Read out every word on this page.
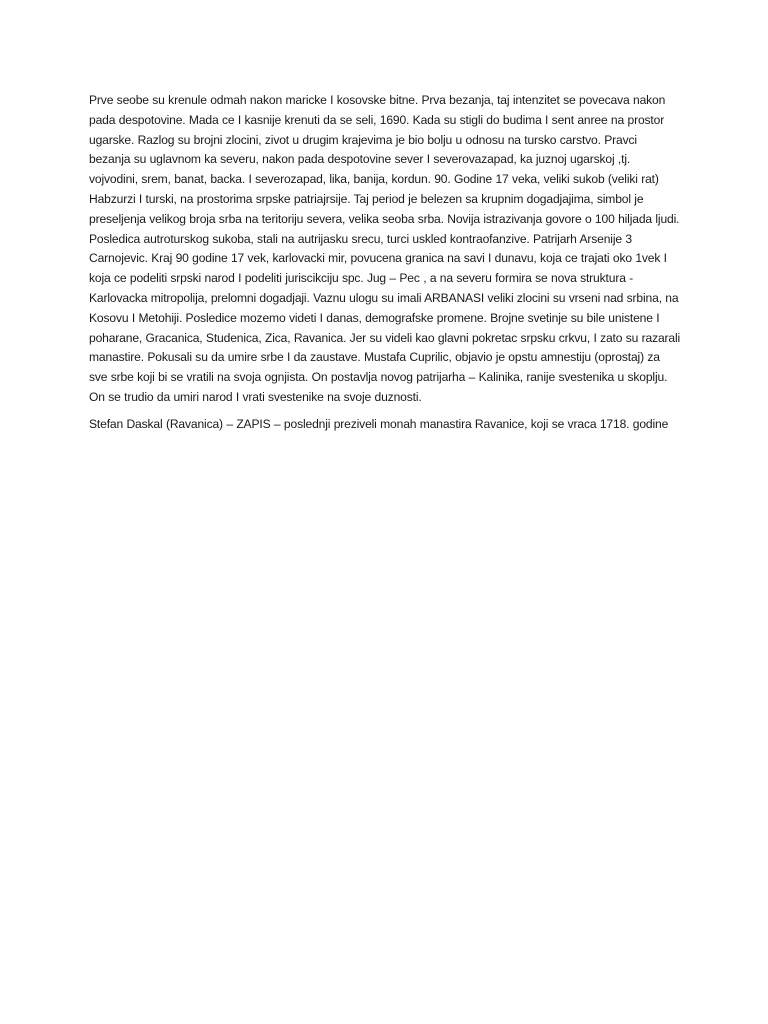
Prve seobe su krenule odmah nakon maricke I kosovske bitne. Prva bezanja, taj intenzitet se povecava nakon pada despotovine. Mada ce I kasnije krenuti da se seli, 1690. Kada su stigli do budima I sent anree na prostor ugarske. Razlog su brojni zlocini, zivot u drugim krajevima je bio bolju u odnosu na tursko carstvo. Pravci bezanja su uglavnom ka severu, nakon pada despotovine sever I severovazapad, ka juznoj ugarskoj ,tj. vojvodini, srem, banat, backa. I severozapad, lika, banija, kordun. 90. Godine 17 veka, veliki sukob (veliki rat) Habzurzi I turski, na prostorima srpske patriajrsije. Taj period je belezen sa krupnim dogadjajima, simbol je preseljenja velikog broja srba na teritoriju severa, velika seoba srba. Novija istrazivanja govore o 100 hiljada ljudi. Posledica autroturskog sukoba, stali na autrijasku srecu, turci uskled kontraofanzive. Patrijarh Arsenije 3 Carnojevic. Kraj 90 godine 17 vek, karlovacki mir, povucena granica na savi I dunavu, koja ce trajati oko 1vek I koja ce podeliti srpski narod I podeliti juriscikciju spc. Jug – Pec , a na severu formira se nova struktura - Karlovacka mitropolija, prelomni dogadjaji. Vaznu ulogu su imali ARBANASI veliki zlocini su vrseni nad srbina, na Kosovu I Metohiji. Posledice mozemo videti I danas, demografske promene. Brojne svetinje su bile unistene I poharane, Gracanica, Studenica, Zica, Ravanica. Jer su videli kao glavni pokretac srpsku crkvu, I zato su razarali manastire. Pokusali su da umire srbe I da zaustave. Mustafa Cuprilic, objavio je opstu amnestiju (oprostaj) za sve srbe koji bi se vratili na svoja ognjista. On postavlja novog patrijarha – Kalinika, ranije svestenika u skoplju. On se trudio da umiri narod I vrati svestenike na svoje duznosti.

Stefan Daskal (Ravanica) – ZAPIS – poslednji preziveli monah manastira Ravanice, koji se vraca 1718. godine
